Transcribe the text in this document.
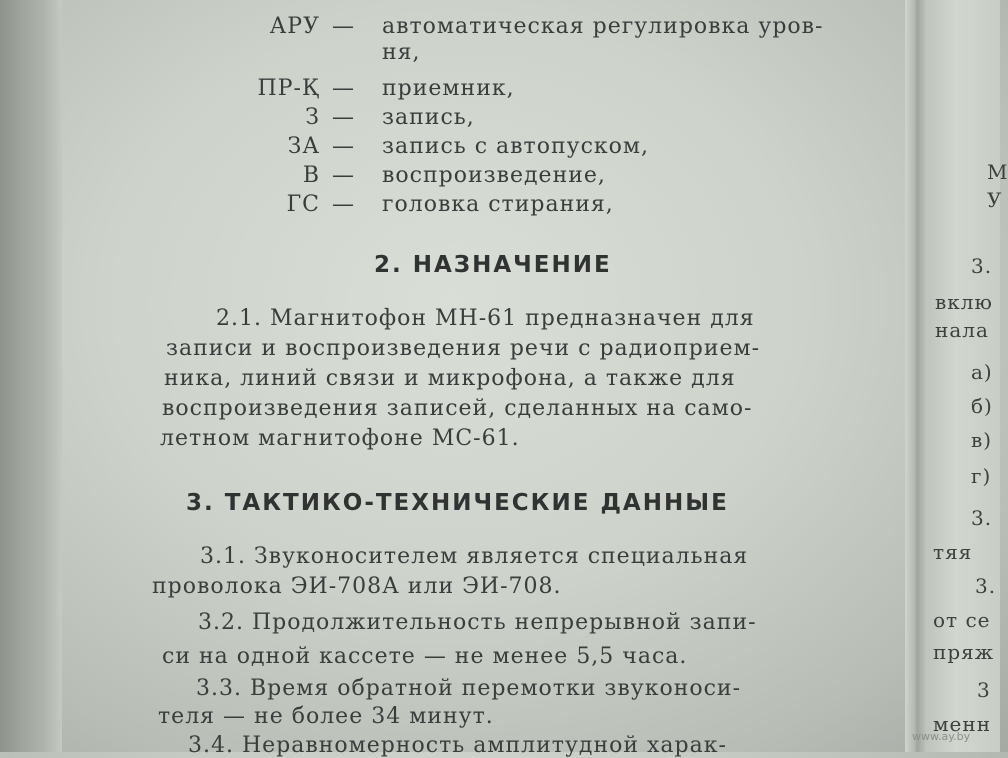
АРУ — автоматическая регулировка уров-
ня,
ПР-Қ — приемник,
З — запись,
ЗА — запись с автопуском,
В — воспроизведение,
ГС — головка стирания,
2. НАЗНАЧЕНИЕ
2.1. Магнитофон МН-61 предназначен для
записи и воспроизведения речи с радиоприем-
ника, линий связи и микрофона, а также для
воспроизведения записей, сделанных на само-
летном магнитофоне МС-61.
3. ТАКТИКО-ТЕХНИЧЕСКИЕ ДАННЫЕ
3.1. Звуконосителем является специальная
проволока ЭИ-708А или ЭИ-708.
3.2. Продолжительность непрерывной запи-
си на одной кассете — не менее 5,5 часа.
3.3. Время обратной перемотки звуконоси-
теля — не более 34 минут.
3.4. Неравномерность амплитудной харак-
М
У
3.
вклю
нала
а)
б)
в)
г)
3.
тяя
3.
от се
пряж
3
менн
www.ay.by
